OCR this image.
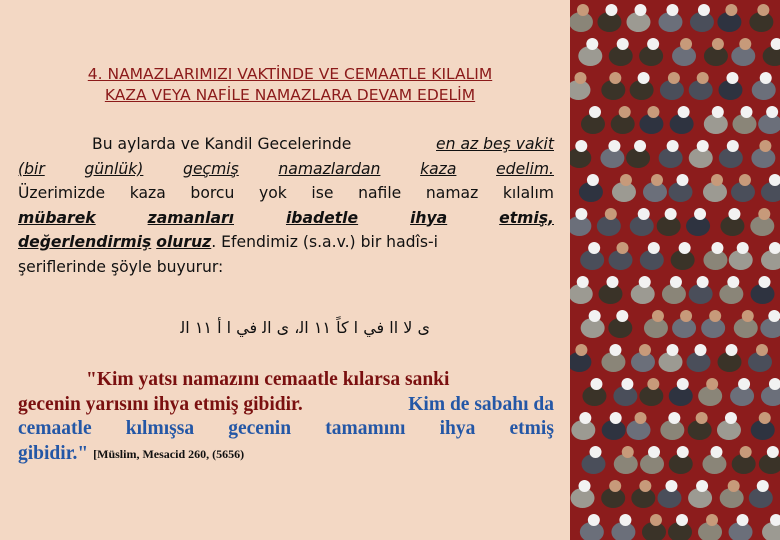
4. NAMAZLARIMIZI VAKTİNDE VE CEMAATLE KILALIM
KAZA VEYA NAFİLE NAMAZLARA DEVAM EDELİM
Bu aylarda ve Kandil Gecelerinde	en az beş vakit
(bir	günlük)	geçmiş	namazlardan	kaza	edelim.
Üzerimizde kaza borcu yok ise nafile namaz kılalım
mübarek	zamanları	ibadetle	ihya	etmiş,
değerlendirmiş
oluruz . Efendimiz (s.a.v.) bir hadîs-i
şeriflerinde şöyle buyurur:
ى لا اا في ا كاً ١١ اﻟ، ى اﻟ في ا أ ١١ اﻟ
"Kim yatsı namazını cemaatle kılarsa sanki
gecenin yarısını ihya etmiş gibidir.	Kim de sabahı da
cemaatle kılmışsa gecenin tamamını ihya etmiş
gibidir."
[Müslim, Mesacid 260, (5656)
